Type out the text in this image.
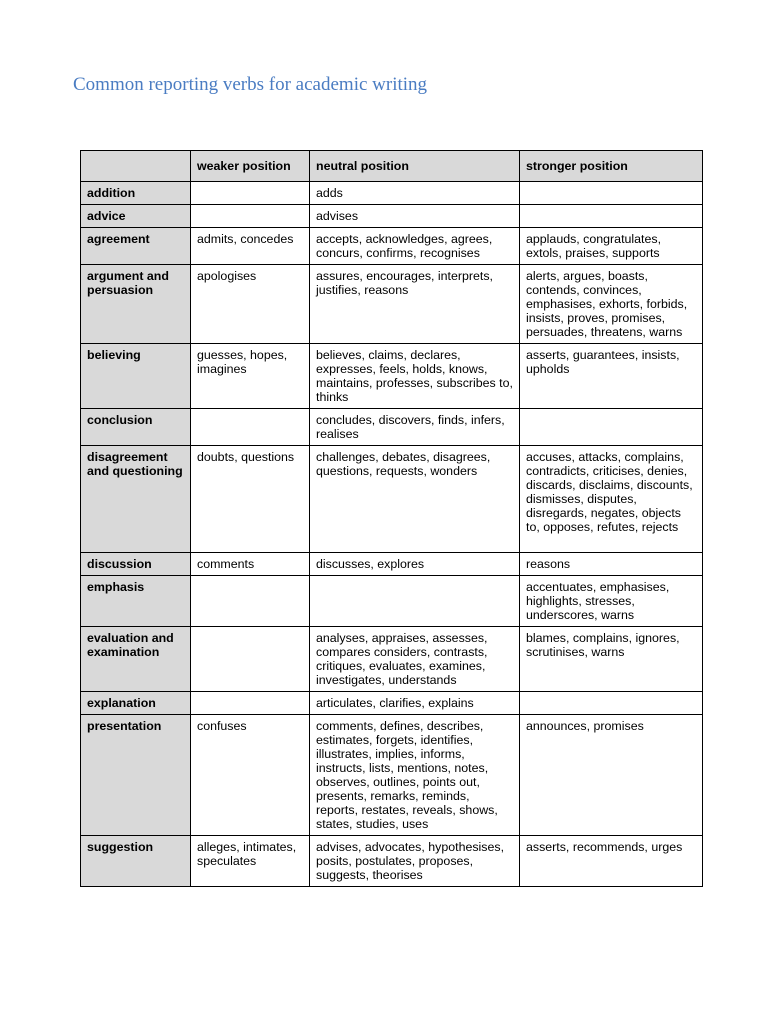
Common reporting verbs for academic writing
	weaker position	neutral position	stronger position
addition		adds	
advice		advises	
agreement	admits, concedes	accepts, acknowledges, agrees, concurs, confirms, recognises	applauds, congratulates, extols, praises, supports
argument and persuasion	apologises	assures, encourages, interprets, justifies, reasons	alerts, argues, boasts, contends, convinces, emphasises, exhorts, forbids, insists, proves, promises, persuades, threatens, warns
believing	guesses, hopes, imagines	believes, claims, declares, expresses, feels, holds, knows, maintains, professes, subscribes to, thinks	asserts, guarantees, insists, upholds
conclusion		concludes, discovers, finds, infers, realises	
disagreement and questioning	doubts, questions	challenges, debates, disagrees, questions, requests, wonders	accuses, attacks, complains, contradicts, criticises, denies, discards, disclaims, discounts, dismisses, disputes, disregards, negates, objects to, opposes, refutes, rejects
discussion	comments	discusses, explores	reasons
emphasis			accentuates, emphasises, highlights, stresses, underscores, warns
evaluation and examination		analyses, appraises, assesses, compares considers, contrasts, critiques, evaluates, examines, investigates, understands	blames, complains, ignores, scrutinises, warns
explanation		articulates, clarifies, explains	
presentation	confuses	comments, defines, describes, estimates, forgets, identifies, illustrates, implies, informs, instructs, lists, mentions, notes, observes, outlines, points out, presents, remarks, reminds, reports, restates, reveals, shows, states, studies, uses	announces, promises
suggestion	alleges, intimates, speculates	advises, advocates, hypothesises, posits, postulates, proposes, suggests, theorises	asserts, recommends, urges
